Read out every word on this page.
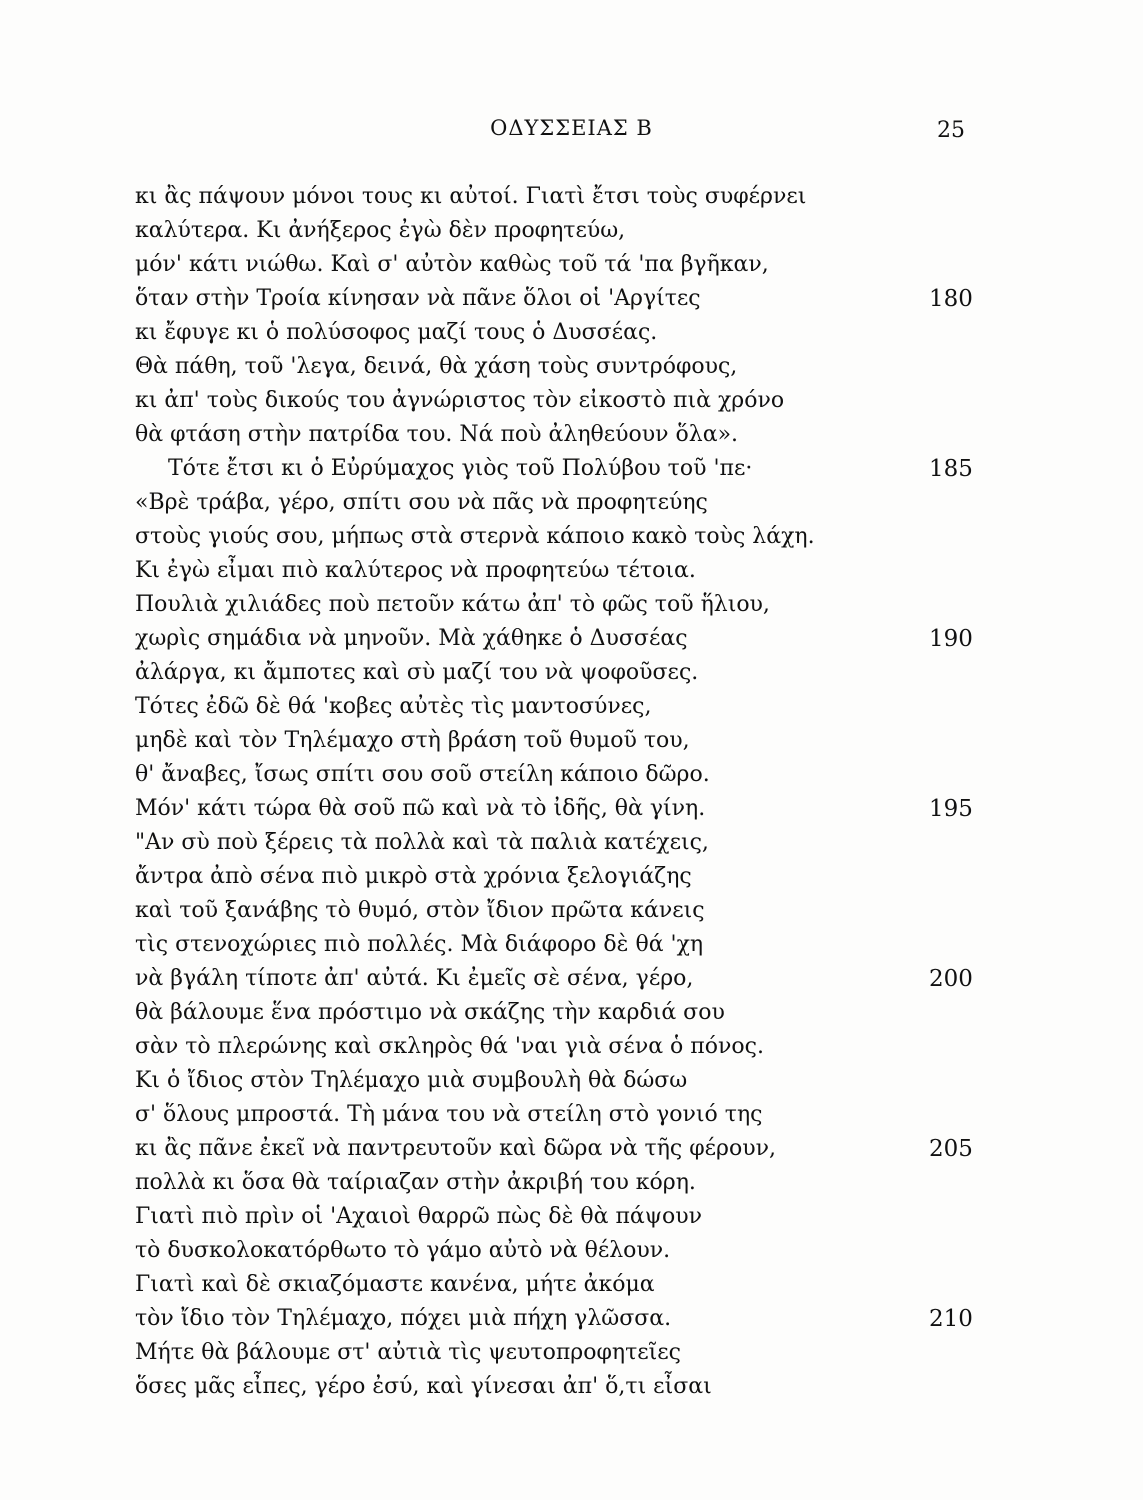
ΟΔΥΣΣΕΙΑΣ Β	25
κι ἂς πάψουν μόνοι τους κι αὐτοί. Γιατὶ ἔτσι τοὺς συφέρνει
καλύτερα. Κι ἀνήξερος ἐγὼ δὲν προφητεύω,
μόν' κάτι νιώθω. Καὶ σ' αὐτὸν καθὼς τοῦ τά 'πα βγῆκαν,
ὅταν στὴν Τροία κίνησαν νὰ πᾶνε ὅλοι οἱ 'Αργίτες	180
κι ἔφυγε κι ὁ πολύσοφος μαζί τους ὁ Δυσσέας.
Θὰ πάθη, τοῦ 'λεγα, δεινά, θὰ χάση τοὺς συντρόφους,
κι ἀπ' τοὺς δικούς του ἀγνώριστος τὸν εἰκοστὸ πιὰ χρόνο
θὰ φτάση στὴν πατρίδα του. Νά ποὺ ἀληθεύουν ὅλα».
Τότε ἔτσι κι ὁ Εὐρύμαχος γιὸς τοῦ Πολύβου τοῦ 'πε·	185
«Βρὲ τράβα, γέρο, σπίτι σου νὰ πᾶς νὰ προφητεύης
στοὺς γιούς σου, μήπως στὰ στερνὰ κάποιο κακὸ τοὺς λάχη.
Κι ἐγὼ εἶμαι πιὸ καλύτερος νὰ προφητεύω τέτοια.
Πουλιὰ χιλιάδες ποὺ πετοῦν κάτω ἀπ' τὸ φῶς τοῦ ἥλιου,
χωρὶς σημάδια νὰ μηνοῦν. Μὰ χάθηκε ὁ Δυσσέας	190
ἀλάργα, κι ἄμποτες καὶ σὺ μαζί του νὰ ψοφοῦσες.
Τότες ἐδῶ δὲ θά 'κοβες αὐτὲς τὶς μαντοσύνες,
μηδὲ καὶ τὸν Τηλέμαχο στὴ βράση τοῦ θυμοῦ του,
θ' ἄναβες, ἴσως σπίτι σου σοῦ στείλη κάποιο δῶρο.
Μόν' κάτι τώρα θὰ σοῦ πῶ καὶ νὰ τὸ ἰδῆς, θὰ γίνη.	195
"Αν σὺ ποὺ ξέρεις τὰ πολλὰ καὶ τὰ παλιὰ κατέχεις,
ἄντρα ἀπὸ σένα πιὸ μικρὸ στὰ χρόνια ξελογιάζης
καὶ τοῦ ξανάβης τὸ θυμό, στὸν ἴδιον πρῶτα κάνεις
τὶς στενοχώριες πιὸ πολλές. Μὰ διάφορο δὲ θά 'χη
νὰ βγάλη τίποτε ἀπ' αὐτά. Κι ἐμεῖς σὲ σένα, γέρο,	200
θὰ βάλουμε ἕνα πρόστιμο νὰ σκάζης τὴν καρδιά σου
σὰν τὸ πλερώνης καὶ σκληρὸς θά 'ναι γιὰ σένα ὁ πόνος.
Κι ὁ ἴδιος στὸν Τηλέμαχο μιὰ συμβουλὴ θὰ δώσω
σ' ὅλους μπροστά. Τὴ μάνα του νὰ στείλη στὸ γονιό της
κι ἂς πᾶνε ἐκεῖ νὰ παντρευτοῦν καὶ δῶρα νὰ τῆς φέρουν,	205
πολλὰ κι ὅσα θὰ ταίριαζαν στὴν ἀκριβή του κόρη.
Γιατὶ πιὸ πρὶν οἱ 'Αχαιοὶ θαρρῶ πὼς δὲ θὰ πάψουν
τὸ δυσκολοκατόρθωτο τὸ γάμο αὐτὸ νὰ θέλουν.
Γιατὶ καὶ δὲ σκιαζόμαστε κανένα, μήτε ἀκόμα
τὸν ἴδιο τὸν Τηλέμαχο, πόχει μιὰ πήχη γλῶσσα.	210
Μήτε θὰ βάλουμε στ' αὐτιὰ τὶς ψευτοπροφητεῖες
ὅσες μᾶς εἶπες, γέρο ἐσύ, καὶ γίνεσαι ἀπ' ὅ,τι εἶσαι
